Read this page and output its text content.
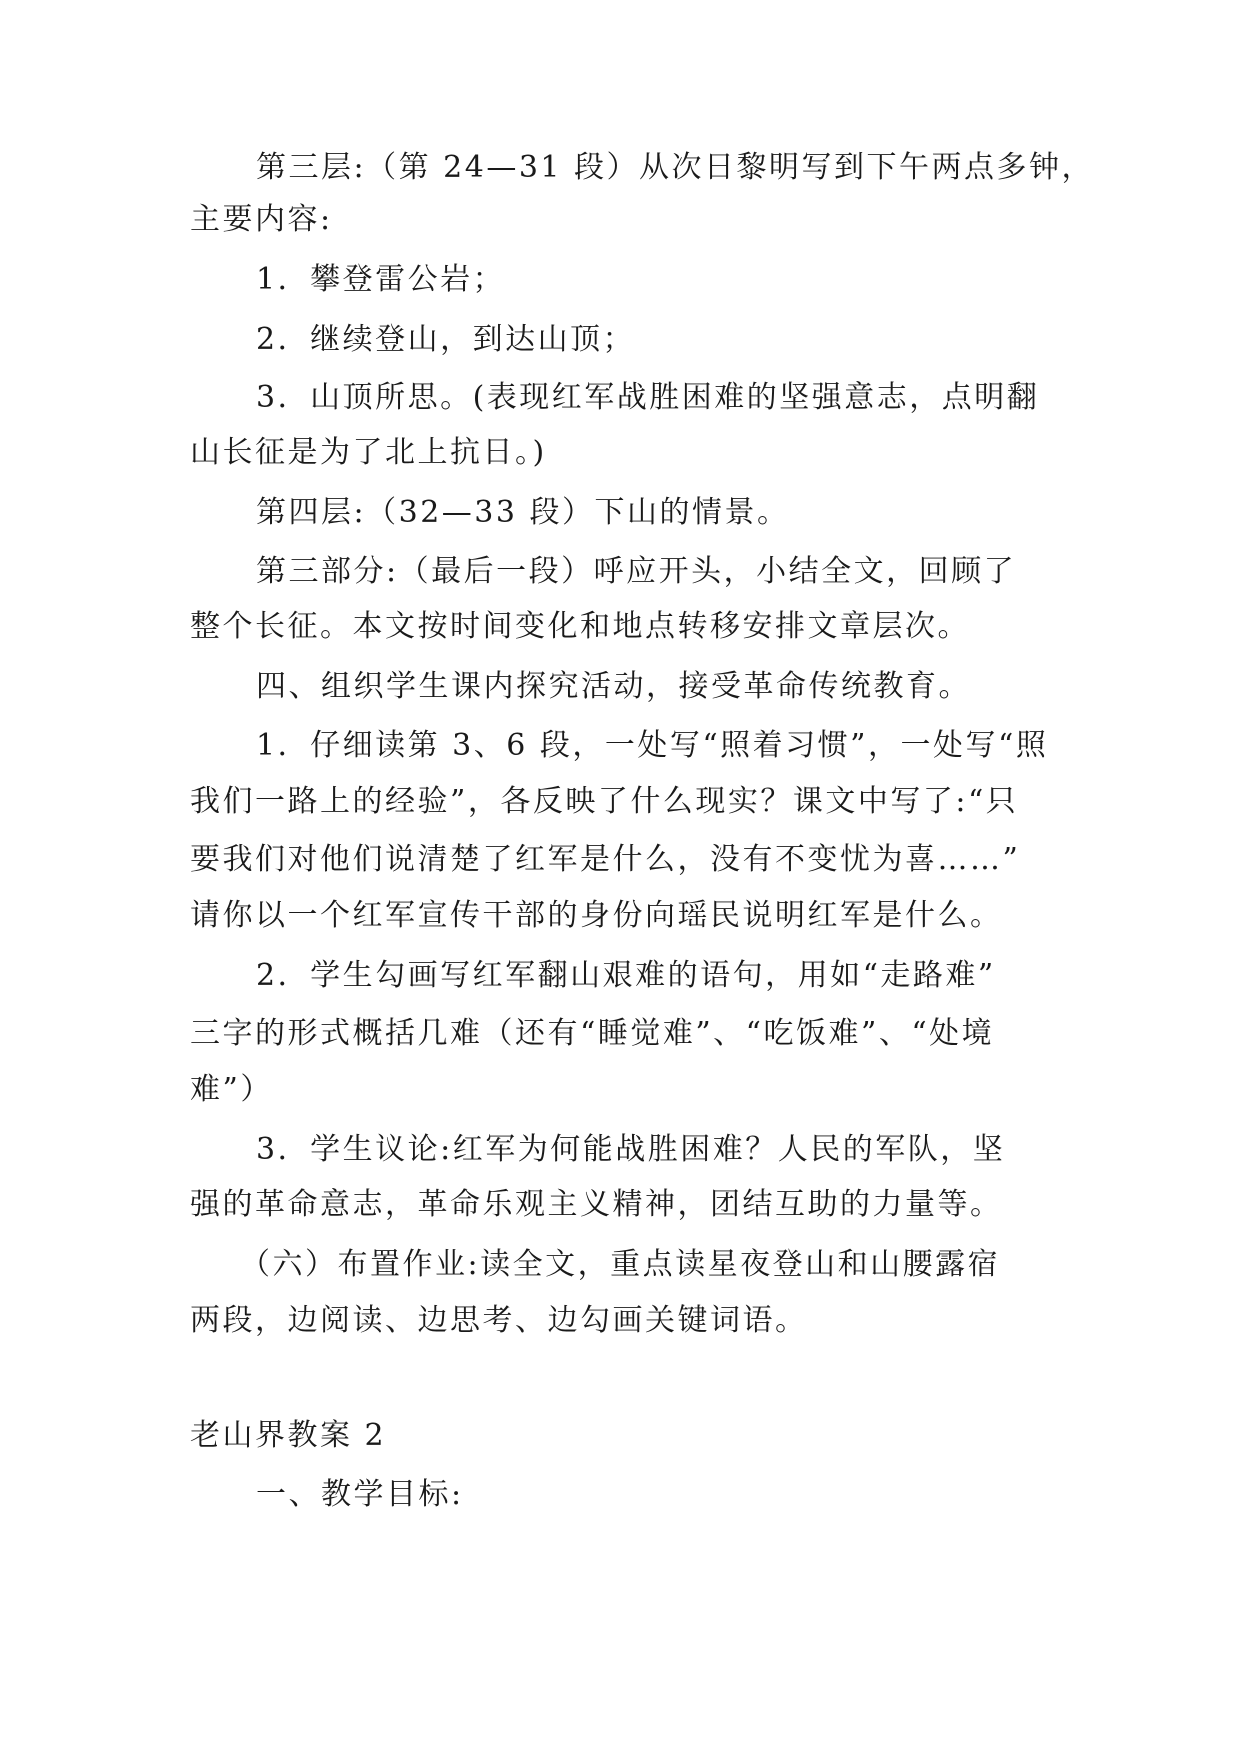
第三层:（第 24—31 段）从次日黎明写到下午两点多钟，
主要内容:
1．攀登雷公岩；
2．继续登山，到达山顶；
3．山顶所思。(表现红军战胜困难的坚强意志，点明翻
山长征是为了北上抗日。)
第四层:（32—33 段）下山的情景。
第三部分:（最后一段）呼应开头，小结全文，回顾了
整个长征。本文按时间变化和地点转移安排文章层次。
四、组织学生课内探究活动，接受革命传统教育。
1．仔细读第 3、6 段，一处写“照着习惯”，一处写“照
我们一路上的经验”，各反映了什么现实？课文中写了:“只
要我们对他们说清楚了红军是什么，没有不变忧为喜……”
请你以一个红军宣传干部的身份向瑶民说明红军是什么。
2．学生勾画写红军翻山艰难的语句，用如“走路难”
三字的形式概括几难（还有“睡觉难”、“吃饭难”、“处境
难”）
3．学生议论:红军为何能战胜困难？人民的军队，坚
强的革命意志，革命乐观主义精神，团结互助的力量等。
（六）布置作业:读全文，重点读星夜登山和山腰露宿
两段，边阅读、边思考、边勾画关键词语。
老山界教案 2
一、教学目标:
